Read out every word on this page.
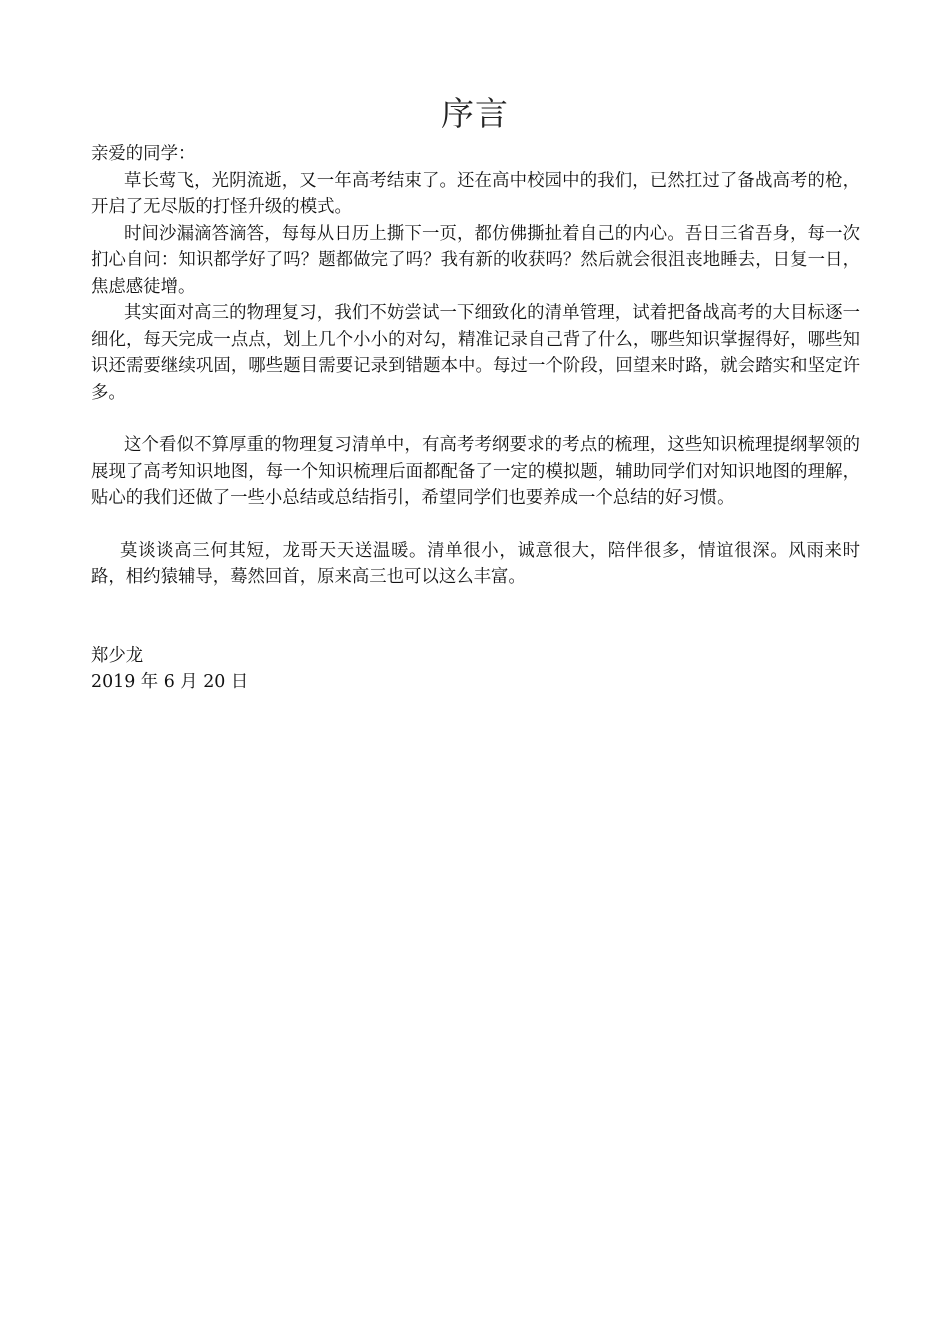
序言

亲爱的同学：

草长莺飞，光阴流逝，又一年高考结束了。还在高中校园中的我们，已然扛过了备战高考的枪，开启了无尽版的打怪升级的模式。

时间沙漏滴答滴答，每每从日历上撕下一页，都仿佛撕扯着自己的内心。吾日三省吾身，每一次扪心自问：知识都学好了吗？题都做完了吗？我有新的收获吗？然后就会很沮丧地睡去，日复一日，焦虑感徒增。

其实面对高三的物理复习，我们不妨尝试一下细致化的清单管理，试着把备战高考的大目标逐一细化，每天完成一点点，划上几个小小的对勾，精准记录自己背了什么，哪些知识掌握得好，哪些知识还需要继续巩固，哪些题目需要记录到错题本中。每过一个阶段，回望来时路，就会踏实和坚定许多。

这个看似不算厚重的物理复习清单中，有高考考纲要求的考点的梳理，这些知识梳理提纲挈领的展现了高考知识地图，每一个知识梳理后面都配备了一定的模拟题，辅助同学们对知识地图的理解，贴心的我们还做了一些小总结或总结指引，希望同学们也要养成一个总结的好习惯。

莫谈谈高三何其短，龙哥天天送温暖。清单很小，诚意很大，陪伴很多，情谊很深。风雨来时路，相约猿辅导，蓦然回首，原来高三也可以这么丰富。

郑少龙

2019 年 6 月 20 日
